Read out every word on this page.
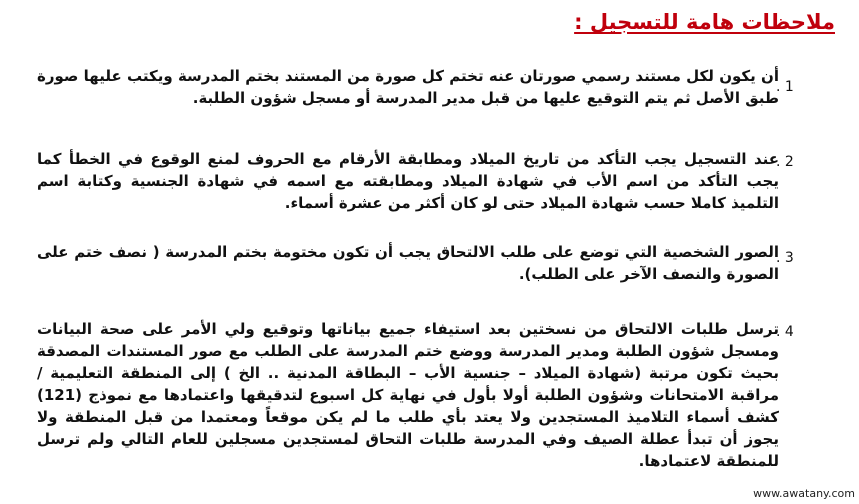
ملاحظات هامة للتسجيل :
. 1
أن يكون لكل مستند رسمي صورتان عنه تختم كل صورة من المستند بختم المدرسة ويكتب عليها صورة طبق الأصل ثم يتم التوقيع عليها من قبل مدير المدرسة أو مسجل شؤون الطلبة.
. 2
عند التسجيل يجب التأكد من تاريخ الميلاد ومطابقة الأرقام مع الحروف لمنع الوقوع في الخطأ كما يجب التأكد من اسم الأب في شهادة الميلاد ومطابقته مع اسمه في شهادة الجنسية وكتابة اسم التلميذ كاملا حسب شهادة الميلاد حتى لو كان أكثر من عشرة أسماء.
. 3
الصور الشخصية التي توضع على طلب الالتحاق يجب أن تكون مختومة بختم المدرسة ( نصف ختم على الصورة والنصف الآخر على الطلب).
. 4
ترسل طلبات الالتحاق من نسختين بعد استيفاء جميع بياناتها وتوقيع ولي الأمر على صحة البيانات ومسجل شؤون الطلبة ومدير المدرسة ووضع ختم المدرسة على الطلب مع صور المستندات المصدقة بحيث تكون مرتبة (شهادة الميلاد – جنسية الأب – البطاقة المدنية .. الخ ) إلى المنطقة التعليمية / مراقبة الامتحانات وشؤون الطلبة أولا بأول في نهاية كل اسبوع لتدقيقها واعتمادها مع نموذج (121) كشف أسماء التلاميذ المستجدين ولا يعتد بأي طلب ما لم يكن موقعاً ومعتمدا من قبل المنطقة ولا يجوز أن تبدأ عطلة الصيف وفي المدرسة طلبات التحاق لمستجدين مسجلين للعام التالي ولم ترسل للمنطقة لاعتمادها.
www.awatany.com
